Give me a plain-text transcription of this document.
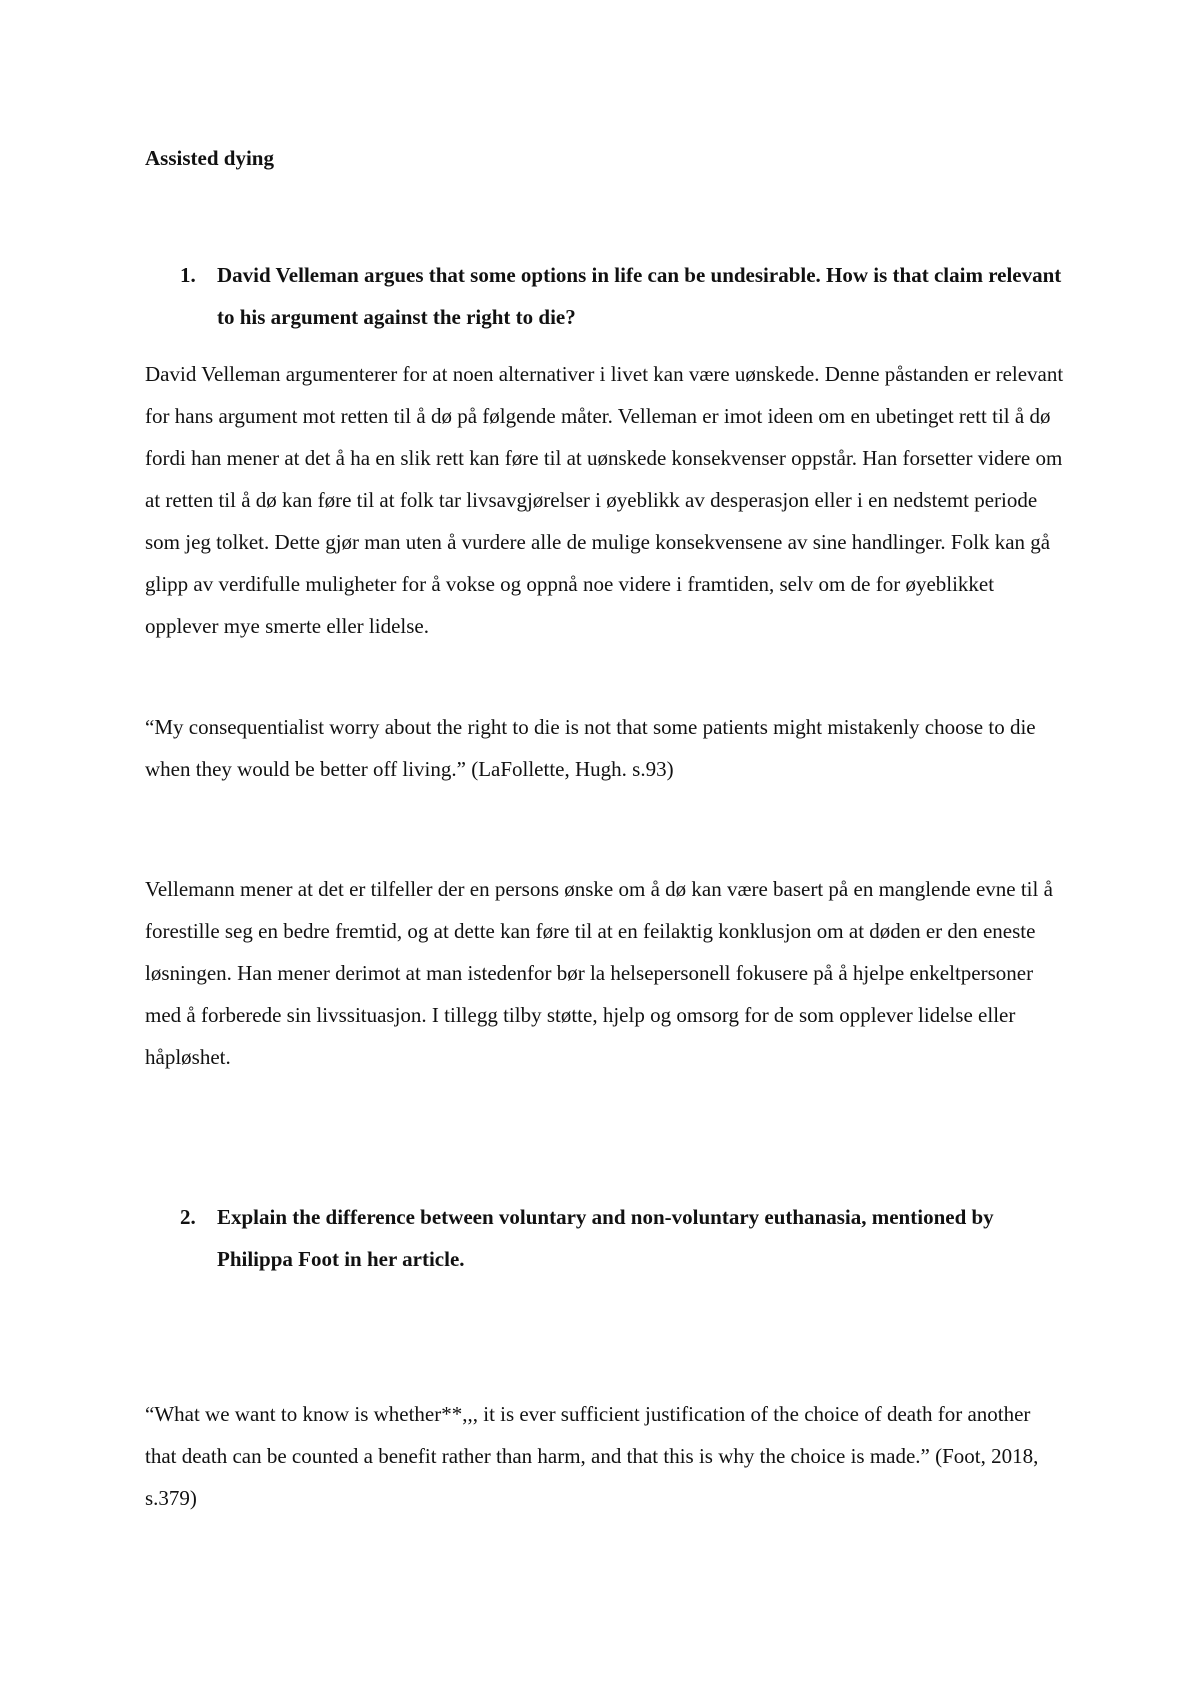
Assisted dying
1. David Velleman argues that some options in life can be undesirable. How is that claim relevant to his argument against the right to die?

David Velleman argumenterer for at noen alternativer i livet kan være uønskede. Denne påstanden er relevant for hans argument mot retten til å dø på følgende måter. Velleman er imot ideen om en ubetinget rett til å dø fordi han mener at det å ha en slik rett kan føre til at uønskede konsekvenser oppstår. Han forsetter videre om at retten til å dø kan føre til at folk tar livsavgjørelser i øyeblikk av desperasjon eller i en nedstemt periode som jeg tolket. Dette gjør man uten å vurdere alle de mulige konsekvensene av sine handlinger. Folk kan gå glipp av verdifulle muligheter for å vokse og oppnå noe videre i framtiden, selv om de for øyeblikket opplever mye smerte eller lidelse.

“My consequentialist worry about the right to die is not that some patients might mistakenly choose to die when they would be better off living.” (LaFollette, Hugh. s.93)

Vellemann mener at det er tilfeller der en persons ønske om å dø kan være basert på en manglende evne til å forestille seg en bedre fremtid, og at dette kan føre til at en feilaktig konklusjon om at døden er den eneste løsningen. Han mener derimot at man istedenfor bør la helsepersonell fokusere på å hjelpe enkeltpersoner med å forberede sin livssituasjon. I tillegg tilby støtte, hjelp og omsorg for de som opplever lidelse eller håpløshet.

2. Explain the difference between voluntary and non-voluntary euthanasia, mentioned by Philippa Foot in her article.

“What we want to know is whether**,,, it is ever sufficient justification of the choice of death for another that death can be counted a benefit rather than harm, and that this is why the choice is made.” (Foot, 2018, s.379)
